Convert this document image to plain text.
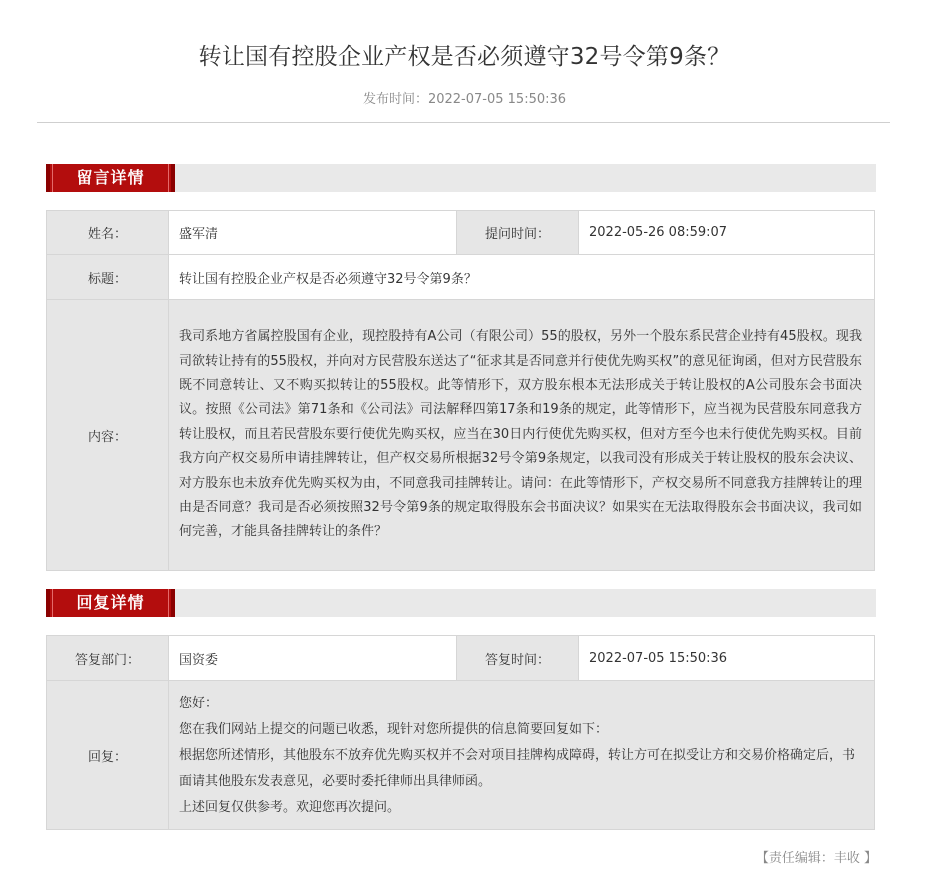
转让国有控股企业产权是否必须遵守32号令第9条？
发布时间：2022-07-05 15:50:36
留言详情
姓名：	盛军清	提问时间：	2022-05-26 08:59:07
标题：	转让国有控股企业产权是否必须遵守32号令第9条？		
内容：	我司系地方省属控股国有企业，现控股持有A公司（有限公司）55的股权，另外一个股东系民营企业持有45股权。现我司欲转让持有的55股权，并向对方民营股东送达了“征求其是否同意并行使优先购买权”的意见征询函，但对方民营股东既不同意转让、又不购买拟转让的55股权。此等情形下，双方股东根本无法形成关于转让股权的A公司股东会书面决议。按照《公司法》第71条和《公司法》司法解释四第17条和19条的规定，此等情形下，应当视为民营股东同意我方转让股权，而且若民营股东要行使优先购买权，应当在30日内行使优先购买权，但对方至今也未行使优先购买权。目前我方向产权交易所申请挂牌转让，但产权交易所根据32号令第9条规定，以我司没有形成关于转让股权的股东会决议、对方股东也未放弃优先购买权为由，不同意我司挂牌转让。请问：在此等情形下，产权交易所不同意我方挂牌转让的理由是否同意？我司是否必须按照32号令第9条的规定取得股东会书面决议？如果实在无法取得股东会书面决议，我司如何完善，才能具备挂牌转让的条件？		
回复详情
答复部门：	国资委	答复时间：	2022-07-05 15:50:36
回复：	您好：
您在我们网站上提交的问题已收悉，现针对您所提供的信息简要回复如下：
根据您所述情形，其他股东不放弃优先购买权并不会对项目挂牌构成障碍，转让方可在拟受让方和交易价格确定后，书面请其他股东发表意见，必要时委托律师出具律师函。
上述回复仅供参考。欢迎您再次提问。		
【责任编辑：丰收 】
